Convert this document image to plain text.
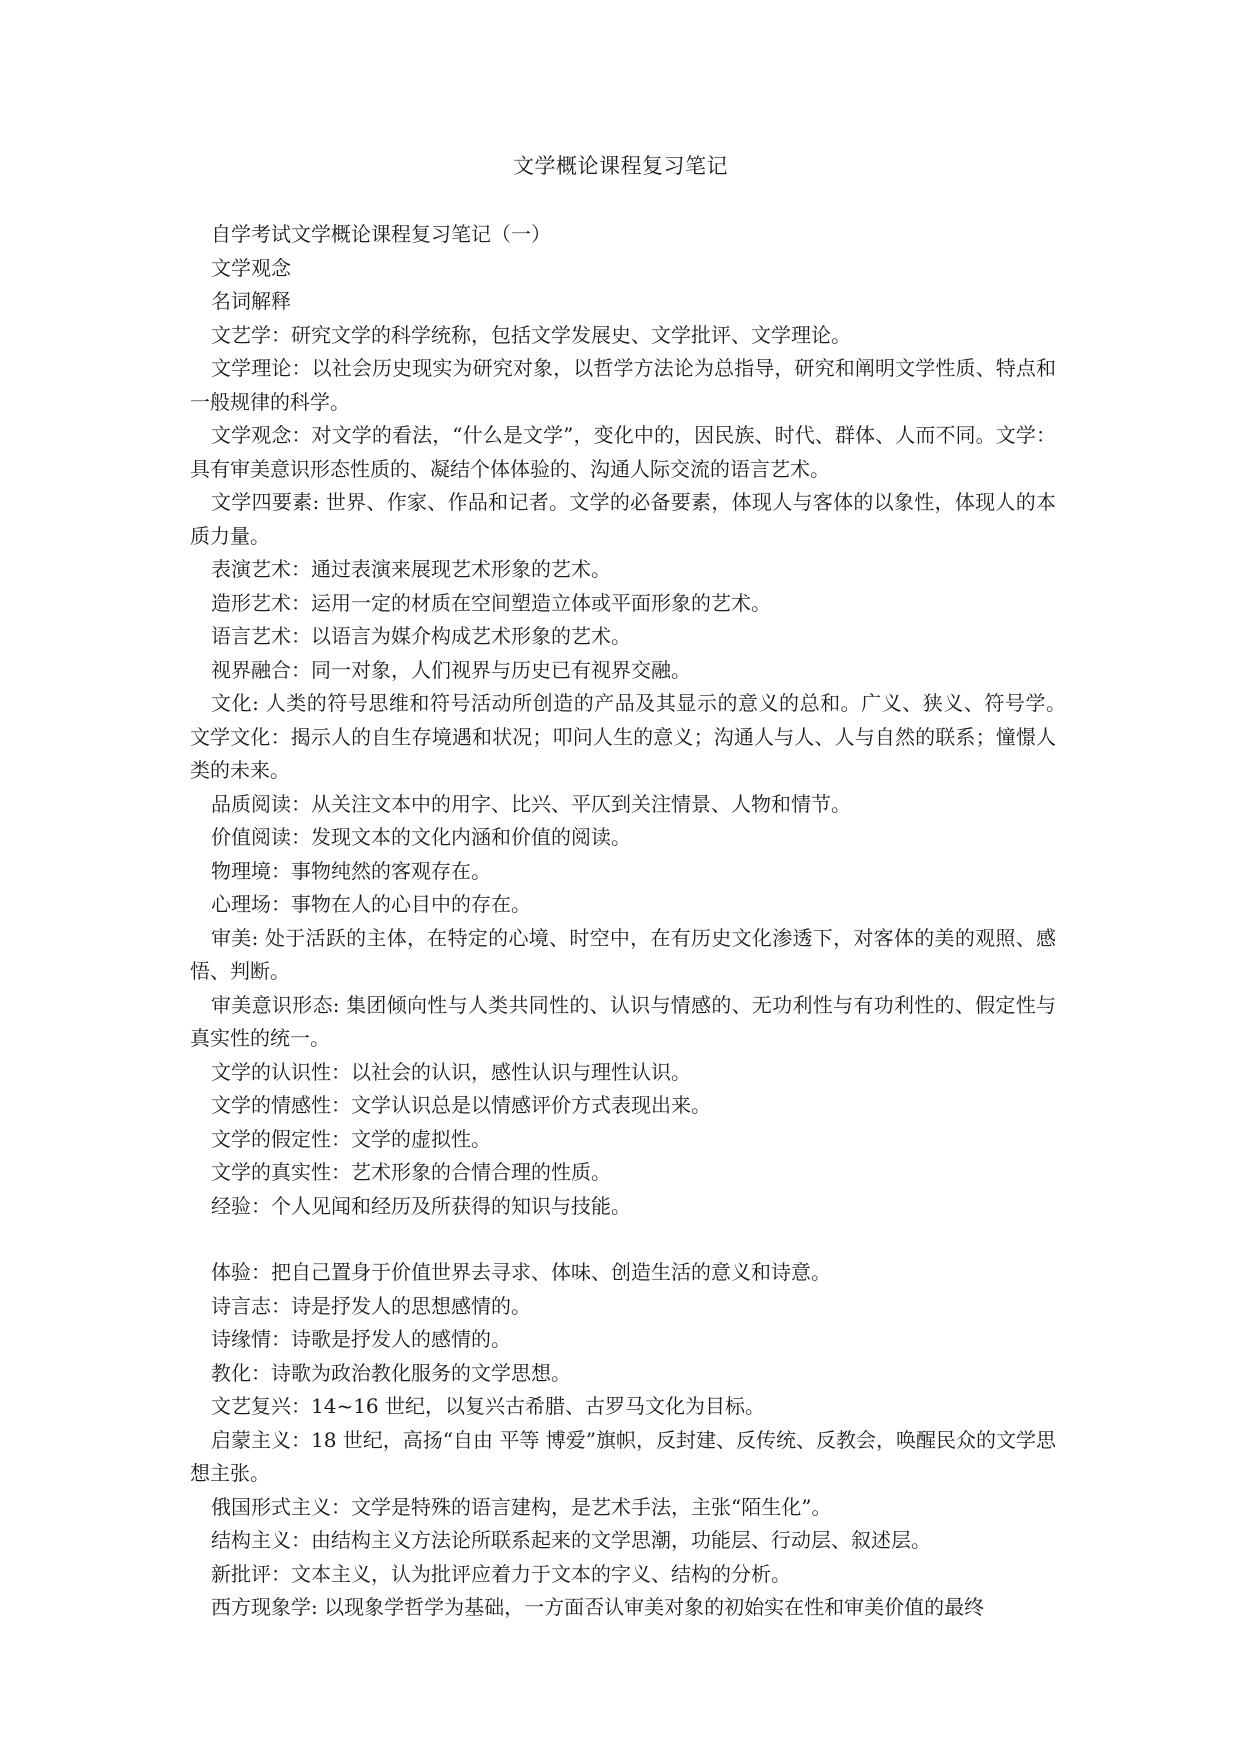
文学概论课程复习笔记

自学考试文学概论课程复习笔记（一）

文学观念

名词解释

文艺学：研究文学的科学统称，包括文学发展史、文学批评、文学理论。

文学理论：以社会历史现实为研究对象，以哲学方法论为总指导，研究和阐明文学性质、特点和一般规律的科学。

文学观念：对文学的看法，“什么是文学”，变化中的，因民族、时代、群体、人而不同。文学：具有审美意识形态性质的、凝结个体体验的、沟通人际交流的语言艺术。

文学四要素: 世界、作家、作品和记者。文学的必备要素，体现人与客体的以象性，体现人的本质力量。

表演艺术：通过表演来展现艺术形象的艺术。

造形艺术：运用一定的材质在空间塑造立体或平面形象的艺术。

语言艺术：以语言为媒介构成艺术形象的艺术。

视界融合：同一对象，人们视界与历史已有视界交融。

文化: 人类的符号思维和符号活动所创造的产品及其显示的意义的总和。广义、狭义、符号学。　　文学文化：揭示人的自生存境遇和状况；叩问人生的意义；沟通人与人、人与自然的联系；憧憬人类的未来。

品质阅读：从关注文本中的用字、比兴、平仄到关注情景、人物和情节。

价值阅读：发现文本的文化内涵和价值的阅读。

物理境：事物纯然的客观存在。

心理场：事物在人的心目中的存在。

审美: 处于活跃的主体，在特定的心境、时空中，在有历史文化渗透下，对客体的美的观照、感悟、判断。

审美意识形态: 集团倾向性与人类共同性的、认识与情感的、无功利性与有功利性的、假定性与真实性的统一。

文学的认识性：以社会的认识，感性认识与理性认识。

文学的情感性：文学认识总是以情感评价方式表现出来。

文学的假定性：文学的虚拟性。

文学的真实性：艺术形象的合情合理的性质。

经验：个人见闻和经历及所获得的知识与技能。

体验：把自己置身于价值世界去寻求、体味、创造生活的意义和诗意。

诗言志：诗是抒发人的思想感情的。

诗缘情：诗歌是抒发人的感情的。

教化：诗歌为政治教化服务的文学思想。

文艺复兴：14~16 世纪，以复兴古希腊、古罗马文化为目标。

启蒙主义：18 世纪，高扬“自由 平等 博爱”旗帜，反封建、反传统、反教会，唤醒民众的文学思想主张。

俄国形式主义：文学是特殊的语言建构，是艺术手法，主张“陌生化”。

结构主义：由结构主义方法论所联系起来的文学思潮，功能层、行动层、叙述层。

新批评：文本主义，认为批评应着力于文本的字义、结构的分析。

西方现象学: 以现象学哲学为基础，一方面否认审美对象的初始实在性和审美价值的最终
